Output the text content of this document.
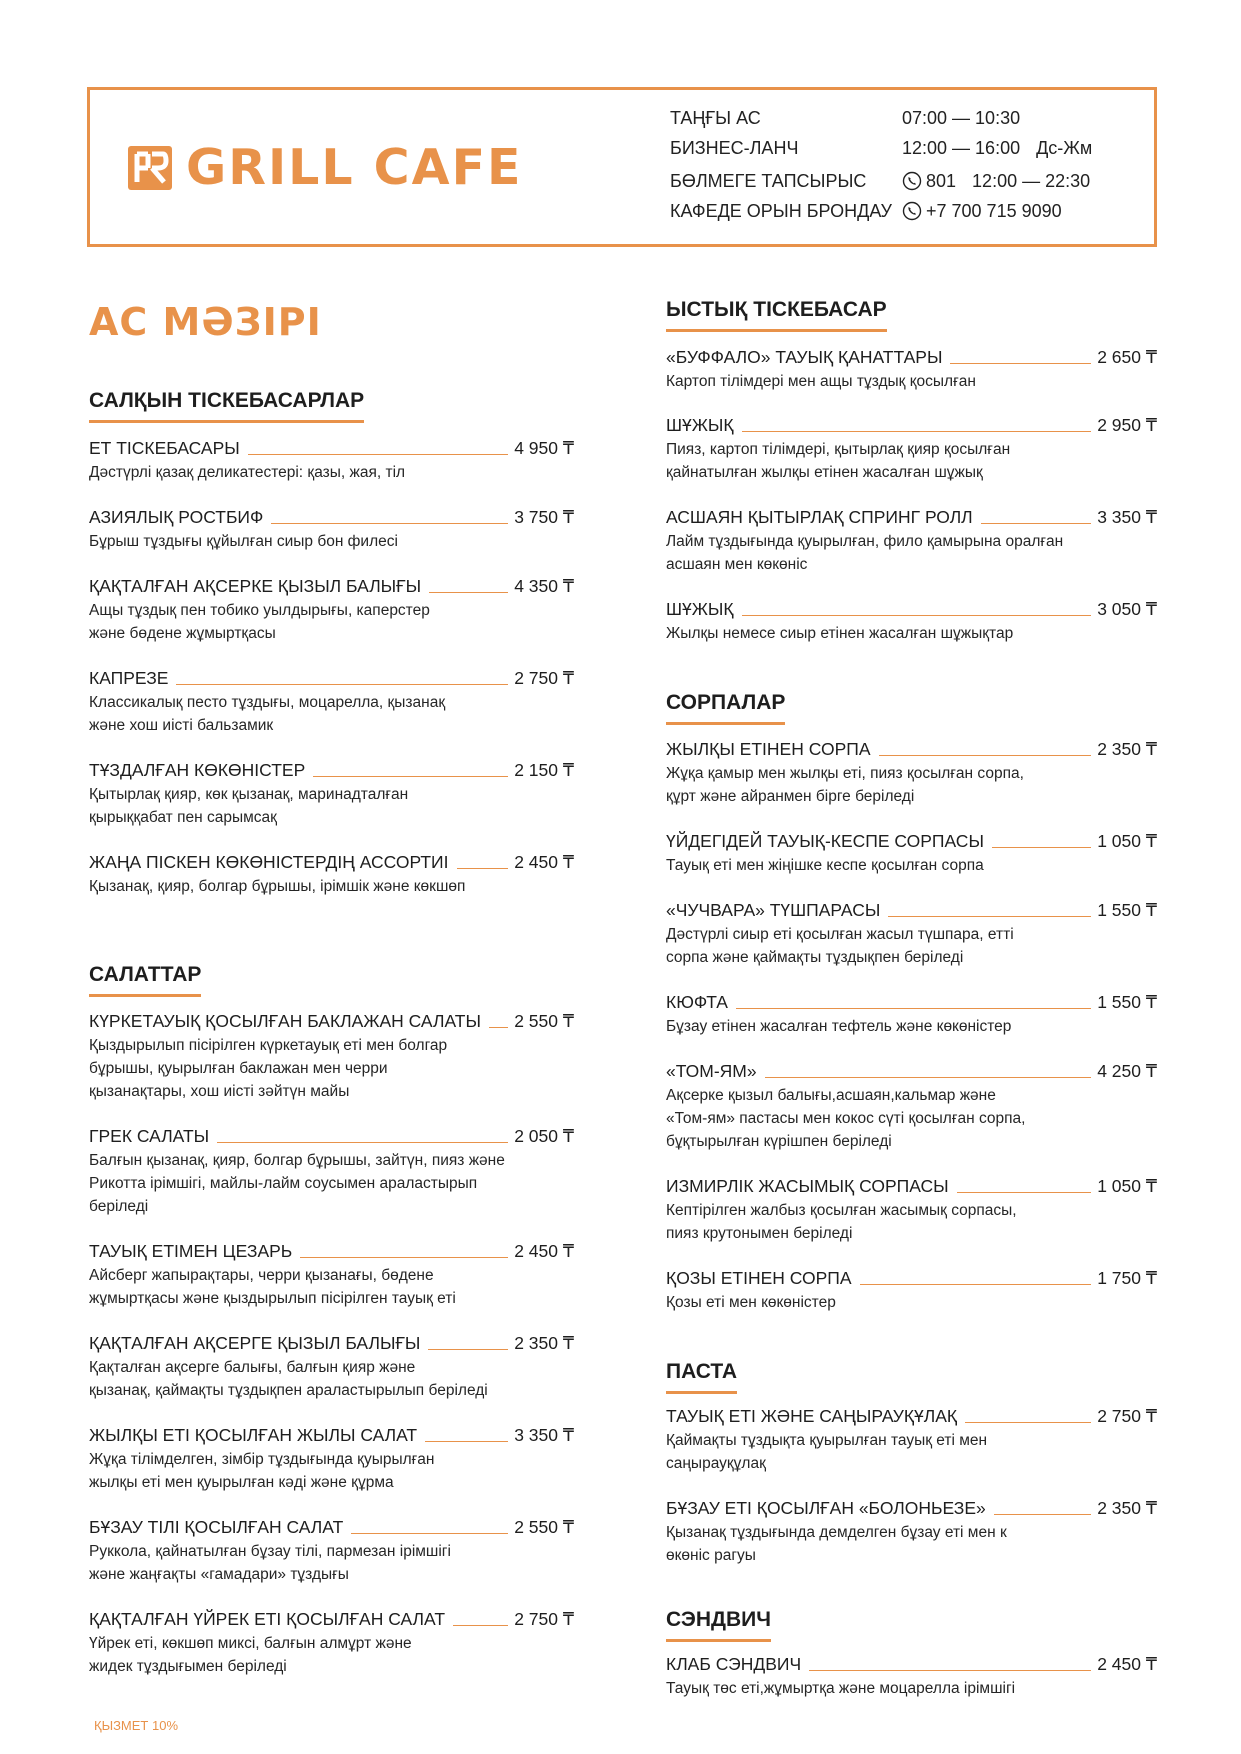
GRILL CAFE
ТАҢҒЫ АС	07:00 — 10:30
БИЗНЕС-ЛАНЧ	12:00 — 16:00 Дс-Жм
БӨЛМЕГЕ ТАПСЫРЫС	801 12:00 — 22:30
КАФЕДЕ ОРЫН БРОНДАУ	+7 700 715 9090
АС МӘЗІРІ
САЛҚЫН ТІСКЕБАСАРЛАР
ЕТ ТІСКЕБАСАРЫ	4 950 ₸
Дәстүрлі қазақ деликатестері: қазы, жая, тіл
АЗИЯЛЫҚ РОСТБИФ	3 750 ₸
Бұрыш тұздығы құйылған сиыр бон филесі
ҚАҚТАЛҒАН АҚСЕРКЕ ҚЫЗЫЛ БАЛЫҒЫ	4 350 ₸
Ащы тұздық пен тобико уылдырығы, каперстер
және бөдене жұмыртқасы
КАПРЕЗЕ	2 750 ₸
Классикалық песто тұздығы, моцарелла, қызанақ
және хош иісті бальзамик
ТҰЗДАЛҒАН КӨКӨНІСТЕР	2 150 ₸
Қытырлақ қияр, көк қызанақ, маринадталған
қырыққабат пен сарымсақ
ЖАҢА ПІСКЕН КӨКӨНІСТЕРДІҢ АССОРТИІ	2 450 ₸
Қызанақ, қияр, болгар бұрышы, ірімшік және көкшөп
САЛАТТАР
КҮРКЕТАУЫҚ ҚОСЫЛҒАН БАКЛАЖАН САЛАТЫ 2 550 ₸
Қыздырылып пісірілген күркетауық еті мен болгар
бұрышы, қуырылған баклажан мен черри
қызанақтары, хош иісті зәйтүн майы
ГРЕК САЛАТЫ	2 050 ₸
Балғын қызанақ, қияр, болгар бұрышы, зайтүн, пияз және
Рикотта ірімшігі, майлы-лайм соусымен араластырып
беріледі
ТАУЫҚ ЕТІМЕН ЦЕЗАРЬ	2 450 ₸
Айсберг жапырақтары, черри қызанағы, бөдене
жұмыртқасы және қыздырылып пісірілген тауық еті
ҚАҚТАЛҒАН АҚСЕРГЕ ҚЫЗЫЛ БАЛЫҒЫ	2 350 ₸
Қақталған ақсерге балығы, балғын қияр және
қызанақ, қаймақты тұздықпен араластырылып беріледі
ЖЫЛҚЫ ЕТІ ҚОСЫЛҒАН ЖЫЛЫ САЛАТ	3 350 ₸
Жұқа тілімделген, зімбір тұздығында қуырылған
жылқы еті мен қуырылған кәді және құрма
БҰЗАУ ТІЛІ ҚОСЫЛҒАН САЛАТ	2 550 ₸
Руккола, қайнатылған бұзау тілі, пармезан ірімшігі
және жаңғақты «гамадари» тұздығы
ҚАҚТАЛҒАН ҮЙРЕК ЕТІ ҚОСЫЛҒАН САЛАТ	2 750 ₸
Үйрек еті, көкшөп миксі, балғын алмұрт және
жидек тұздығымен беріледі
ЫСТЫҚ ТІСКЕБАСАР
«БУФФАЛО» ТАУЫҚ ҚАНАТТАРЫ	2 650 ₸
Картоп тілімдері мен ащы тұздық қосылған
ШҰЖЫҚ	2 950 ₸
Пияз, картоп тілімдері, қытырлақ қияр қосылған
қайнатылған жылқы етінен жасалған шұжық
АСШАЯН ҚЫТЫРЛАҚ СПРИНГ РОЛЛ	3 350 ₸
Лайм тұздығында қуырылған, фило қамырына оралған
асшаян мен көкөніс
ШҰЖЫҚ	3 050 ₸
Жылқы немесе сиыр етінен жасалған шұжықтар
СОРПАЛАР
ЖЫЛҚЫ ЕТІНЕН СОРПА	2 350 ₸
Жұқа қамыр мен жылқы еті, пияз қосылған сорпа,
құрт және айранмен бірге беріледі
ҮЙДЕГІДЕЙ ТАУЫҚ-КЕСПЕ СОРПАСЫ	1 050 ₸
Тауық еті мен жіңішке кеспе қосылған сорпа
«ЧУЧВАРА» ТҮШПАРАСЫ	1 550 ₸
Дәстүрлі сиыр еті қосылған жасыл түшпара, етті
сорпа және қаймақты тұздықпен беріледі
КЮФТА	1 550 ₸
Бұзау етінен жасалған тефтель және көкөністер
«ТОМ-ЯМ»	4 250 ₸
Ақсерке қызыл балығы,асшаян,кальмар және
«Том-ям» пастасы мен кокос сүті қосылған сорпа,
бұқтырылған күрішпен беріледі
ИЗМИРЛІК ЖАСЫМЫҚ СОРПАСЫ	1 050 ₸
Кептірілген жалбыз қосылған жасымық сорпасы,
пияз крутонымен беріледі
ҚОЗЫ ЕТІНЕН СОРПА	1 750 ₸
Қозы еті мен көкөністер
ПАСТА
ТАУЫҚ ЕТІ ЖӘНЕ САҢЫРАУҚҰЛАҚ	2 750 ₸
Қаймақты тұздықта қуырылған тауық еті мен
саңырауқұлақ
БҰЗАУ ЕТІ ҚОСЫЛҒАН «БОЛОНЬЕЗЕ»	2 350 ₸
Қызанақ тұздығында демделген бұзау еті мен к
өкөніс рагуы
СЭНДВИЧ
КЛАБ СЭНДВИЧ	2 450 ₸
Тауық төс еті,жұмыртқа және моцарелла ірімшігі
ҚЫЗМЕТ 10%
